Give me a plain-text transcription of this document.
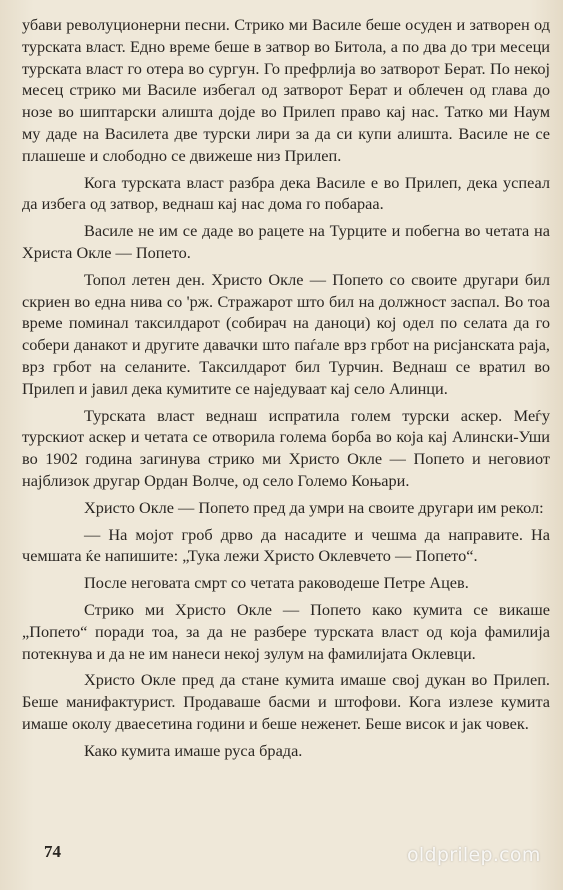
убави револуционерни песни. Стрико ми Василе беше осуден и затворен од турската власт. Едно време беше в затвор во Битола, а по два до три месеци турската власт го отера во сургун. Го префрлија во затворот Берат. По некој месец стрико ми Василе избегал од затворот Берат и облечен од глава до нозе во шиптарски алишта дојде во Прилеп право кај нас. Татко ми Наум му даде на Василета две турски лири за да си купи алишта. Василе не се плашеше и слободно се движеше низ Прилеп.

Кога турската власт разбра дека Василе е во Прилеп, дека успеал да избега од затвор, веднаш кај нас дома го побараа.

Василе не им се даде во рацете на Турците и побегна во четата на Христа Окле — Попето.

Топол летен ден. Христо Окле — Попето со своите другари бил скриен во една нива со 'рж. Стражарот што бил на должност заспал. Во тоа време поминал таксилдарот (собирач на даноци) кој одел по селата да го собери данакот и другите давачки што паѓале врз грбот на рисјанската раја, врз грбот на селаните. Таксилдарот бил Турчин. Веднаш се вратил во Прилеп и јавил дека кумитите се наједуваат кај село Алинци.

Турската власт веднаш испратила голем турски аскер. Меѓу турскиот аскер и четата се отворила голема борба во која кај Алински-Уши во 1902 година загинува стрико ми Христо Окле — Попето и неговиот најблизок другар Ордан Волче, од село Големо Коњари.

Христо Окле — Попето пред да умри на своите другари им рекол:

— На мојот гроб дрво да насадите и чешма да направите. На чемшата ќе напишите: „Тука лежи Христо Оклевчето — Попето“.

После неговата смрт со четата раководеше Петре Ацев.

Стрико ми Христо Окле — Попето како кумита се викаше „Попето“ поради тоа, за да не разбере турската власт од која фамилија потекнува и да не им нанеси некој зулум на фамилијата Оклевци.

Христо Окле пред да стане кумита имаше свој дукан во Прилеп. Беше манифактурист. Продаваше басми и штофови. Кога излезе кумита имаше околу дваесетина години и беше неженет. Беше висок и јак човек.

Како кумита имаше руса брада.

74	oldprilep.com
